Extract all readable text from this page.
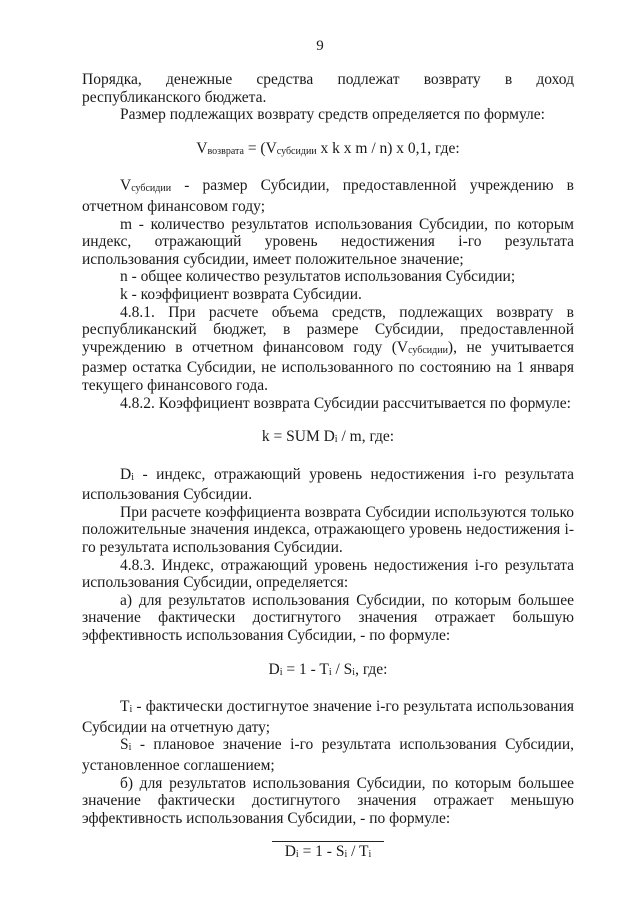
9

Порядка, денежные средства подлежат возврату в доход республиканского бюджета.

Размер подлежащих возврату средств определяется по формуле:

Vвозврата = (Vсубсидии x k x m / n) x 0,1, где:

Vсубсидии - размер Субсидии, предоставленной учреждению в отчетном финансовом году;

m - количество результатов использования Субсидии, по которым индекс, отражающий уровень недостижения i-го результата использования субсидии, имеет положительное значение;

n - общее количество результатов использования Субсидии;

k - коэффициент возврата Субсидии.

4.8.1. При расчете объема средств, подлежащих возврату в республиканский бюджет, в размере Субсидии, предоставленной учреждению в отчетном финансовом году (Vсубсидии), не учитывается размер остатка Субсидии, не использованного по состоянию на 1 января текущего финансового года.

4.8.2. Коэффициент возврата Субсидии рассчитывается по формуле:

k = SUM Di / m, где:

Di - индекс, отражающий уровень недостижения i-го результата использования Субсидии.

При расчете коэффициента возврата Субсидии используются только положительные значения индекса, отражающего уровень недостижения i-го результата использования Субсидии.

4.8.3. Индекс, отражающий уровень недостижения i-го результата использования Субсидии, определяется:

а) для результатов использования Субсидии, по которым большее значение фактически достигнутого значения отражает большую эффективность использования Субсидии, - по формуле:

Di = 1 - Ti / Si, где:

Ti - фактически достигнутое значение i-го результата использования Субсидии на отчетную дату;

Si - плановое значение i-го результата использования Субсидии, установленное соглашением;

б) для результатов использования Субсидии, по которым большее значение фактически достигнутого значения отражает меньшую эффективность использования Субсидии, - по формуле:

Di = 1 - Si / Ti
